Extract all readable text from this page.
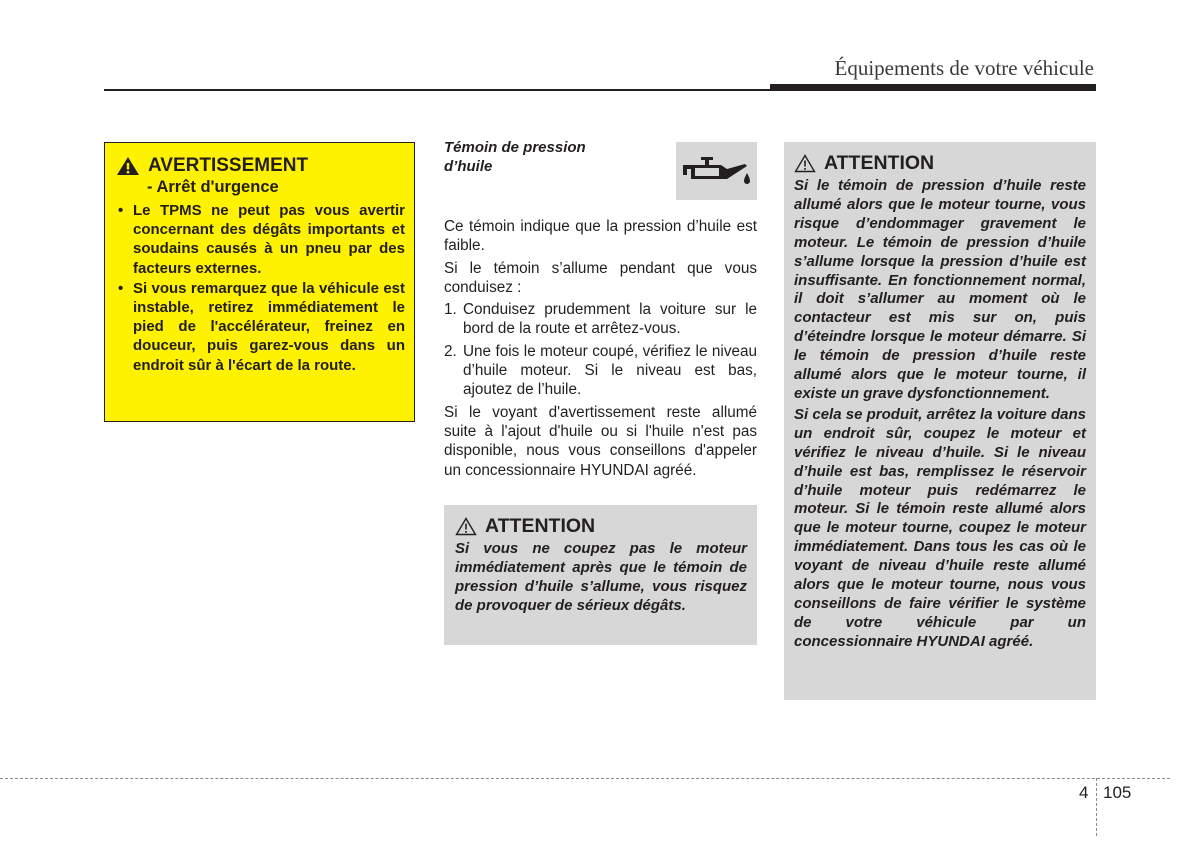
Équipements de votre véhicule
AVERTISSEMENT
- Arrêt d'urgence
• Le TPMS ne peut pas vous avertir concernant des dégâts importants et soudains causés à un pneu par des facteurs externes.
• Si vous remarquez que la véhicule est instable, retirez immédiatement le pied de l'accélérateur, freinez en douceur, puis garez-vous dans un endroit sûr à l'écart de la route.
Témoin de pression
d’huile

Ce témoin indique que la pression d’huile est faible.

Si le témoin s’allume pendant que vous conduisez :

1. Conduisez prudemment la voiture sur le bord de la route et arrêtez-vous.
2. Une fois le moteur coupé, vérifiez le niveau d’huile moteur. Si le niveau est bas, ajoutez de l’huile.

Si le voyant d'avertissement reste allumé suite à l'ajout d'huile ou si l'huile n'est pas disponible, nous vous conseillons d'appeler un concessionnaire HYUNDAI agréé.

ATTENTION

Si vous ne coupez pas le moteur immédiatement après que le témoin de pression d’huile s’allume, vous risquez de provoquer de sérieux dégâts.

ATTENTION

Si le témoin de pression d’huile reste allumé alors que le moteur tourne, vous risque d’endommager gravement le moteur. Le témoin de pression d’huile s’allume lorsque la pression d’huile est insuffisante. En fonctionnement normal, il doit s’allumer au moment où le contacteur est mis sur on, puis d’éteindre lorsque le moteur démarre. Si le témoin de pression d’huile reste allumé alors que le moteur tourne, il existe un grave dysfonctionnement.

Si cela se produit, arrêtez la voiture dans un endroit sûr, coupez le moteur et vérifiez le niveau d’huile. Si le niveau d’huile est bas, remplissez le réservoir d’huile moteur puis redémarrez le moteur. Si le témoin reste allumé alors que le moteur tourne, coupez le moteur immédiatement. Dans tous les cas où le voyant de niveau d’huile reste allumé alors que le moteur tourne, nous vous conseillons de faire vérifier le système de votre véhicule par un concessionnaire HYUNDAI agréé.

4 105
